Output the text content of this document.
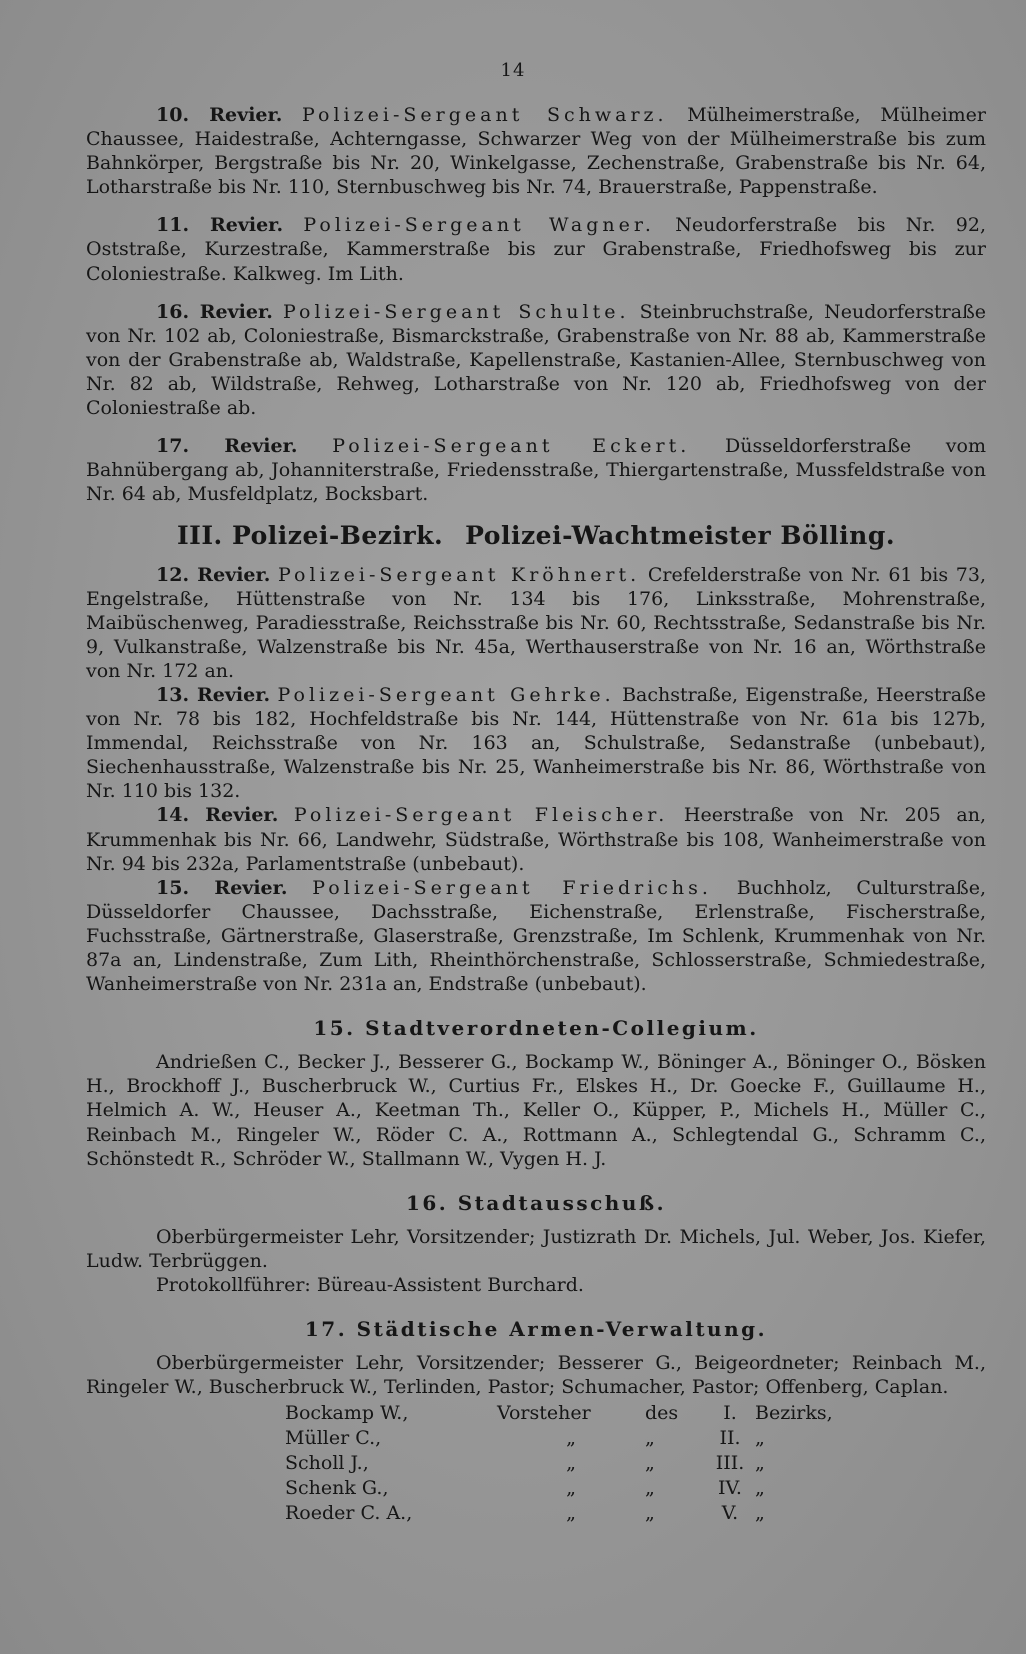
14

10. Revier. Polizei-Sergeant Schwarz. Mülheimerstraße, Mülheimer Chaussee, Haidestraße, Achterngasse, Schwarzer Weg von der Mülheimerstraße bis zum Bahnkörper, Bergstraße bis Nr. 20, Winkelgasse, Zechenstraße, Grabenstraße bis Nr. 64, Lotharstraße bis Nr. 110, Sternbuschweg bis Nr. 74, Brauerstraße, Pappenstraße.

11. Revier. Polizei-Sergeant Wagner. Neudorferstraße bis Nr. 92, Oststraße, Kurzestraße, Kammerstraße bis zur Grabenstraße, Friedhofsweg bis zur Coloniestraße. Kalkweg. Im Lith.

16. Revier. Polizei-Sergeant Schulte. Steinbruchstraße, Neudorferstraße von Nr. 102 ab, Coloniestraße, Bismarckstraße, Grabenstraße von Nr. 88 ab, Kammerstraße von der Grabenstraße ab, Waldstraße, Kapellenstraße, Kastanien-Allee, Sternbuschweg von Nr. 82 ab, Wildstraße, Rehweg, Lotharstraße von Nr. 120 ab, Friedhofsweg von der Coloniestraße ab.

17. Revier. Polizei-Sergeant Eckert. Düsseldorferstraße vom Bahnübergang ab, Johanniterstraße, Friedensstraße, Thiergartenstraße, Mussfeldstraße von Nr. 64 ab, Musfeldplatz, Bocksbart.

III. Polizei-Bezirk. Polizei-Wachtmeister Bölling.

12. Revier. Polizei-Sergeant Kröhnert. Crefelderstraße von Nr. 61 bis 73, Engelstraße, Hüttenstraße von Nr. 134 bis 176, Linksstraße, Mohrenstraße, Maibüschenweg, Paradiesstraße, Reichsstraße bis Nr. 60, Rechtsstraße, Sedanstraße bis Nr. 9, Vulkanstraße, Walzenstraße bis Nr. 45a, Werthauserstraße von Nr. 16 an, Wörthstraße von Nr. 172 an.

13. Revier. Polizei-Sergeant Gehrke. Bachstraße, Eigenstraße, Heerstraße von Nr. 78 bis 182, Hochfeldstraße bis Nr. 144, Hüttenstraße von Nr. 61a bis 127b, Immendal, Reichsstraße von Nr. 163 an, Schulstraße, Sedanstraße (unbebaut), Siechenhausstraße, Walzenstraße bis Nr. 25, Wanheimerstraße bis Nr. 86, Wörthstraße von Nr. 110 bis 132.

14. Revier. Polizei-Sergeant Fleischer. Heerstraße von Nr. 205 an, Krummenhak bis Nr. 66, Landwehr, Südstraße, Wörthstraße bis 108, Wanheimerstraße von Nr. 94 bis 232a, Parlamentstraße (unbebaut).

15. Revier. Polizei-Sergeant Friedrichs. Buchholz, Culturstraße, Düsseldorfer Chaussee, Dachsstraße, Eichenstraße, Erlenstraße, Fischerstraße, Fuchsstraße, Gärtnerstraße, Glaserstraße, Grenzstraße, Im Schlenk, Krummenhak von Nr. 87a an, Lindenstraße, Zum Lith, Rheinthörchenstraße, Schlosserstraße, Schmiedestraße, Wanheimerstraße von Nr. 231a an, Endstraße (unbebaut).

15. Stadtverordneten-Collegium.

Andrießen C., Becker J., Besserer G., Bockamp W., Böninger A., Böninger O., Bösken H., Brockhoff J., Buscherbruck W., Curtius Fr., Elskes H., Dr. Goecke F., Guillaume H., Helmich A. W., Heuser A., Keetman Th., Keller O., Küpper, P., Michels H., Müller C., Reinbach M., Ringeler W., Röder C. A., Rottmann A., Schlegtendal G., Schramm C., Schönstedt R., Schröder W., Stallmann W., Vygen H. J.

16. Stadtausschuß.

Oberbürgermeister Lehr, Vorsitzender; Justizrath Dr. Michels, Jul. Weber, Jos. Kiefer, Ludw. Terbrüggen.

Protokollführer: Büreau-Assistent Burchard.

17. Städtische Armen-Verwaltung.

Oberbürgermeister Lehr, Vorsitzender; Besserer G., Beigeordneter; Reinbach M., Ringeler W., Buscherbruck W., Terlinden, Pastor; Schumacher, Pastor; Offenberg, Caplan.

Bockamp W.,	Vorsteher	des	I.	Bezirks,
Müller C.,	„	„	II.	„
Scholl J.,	„	„	III.	„
Schenk G.,	„	„	IV.	„
Roeder C. A.,	„	„	V.	„
